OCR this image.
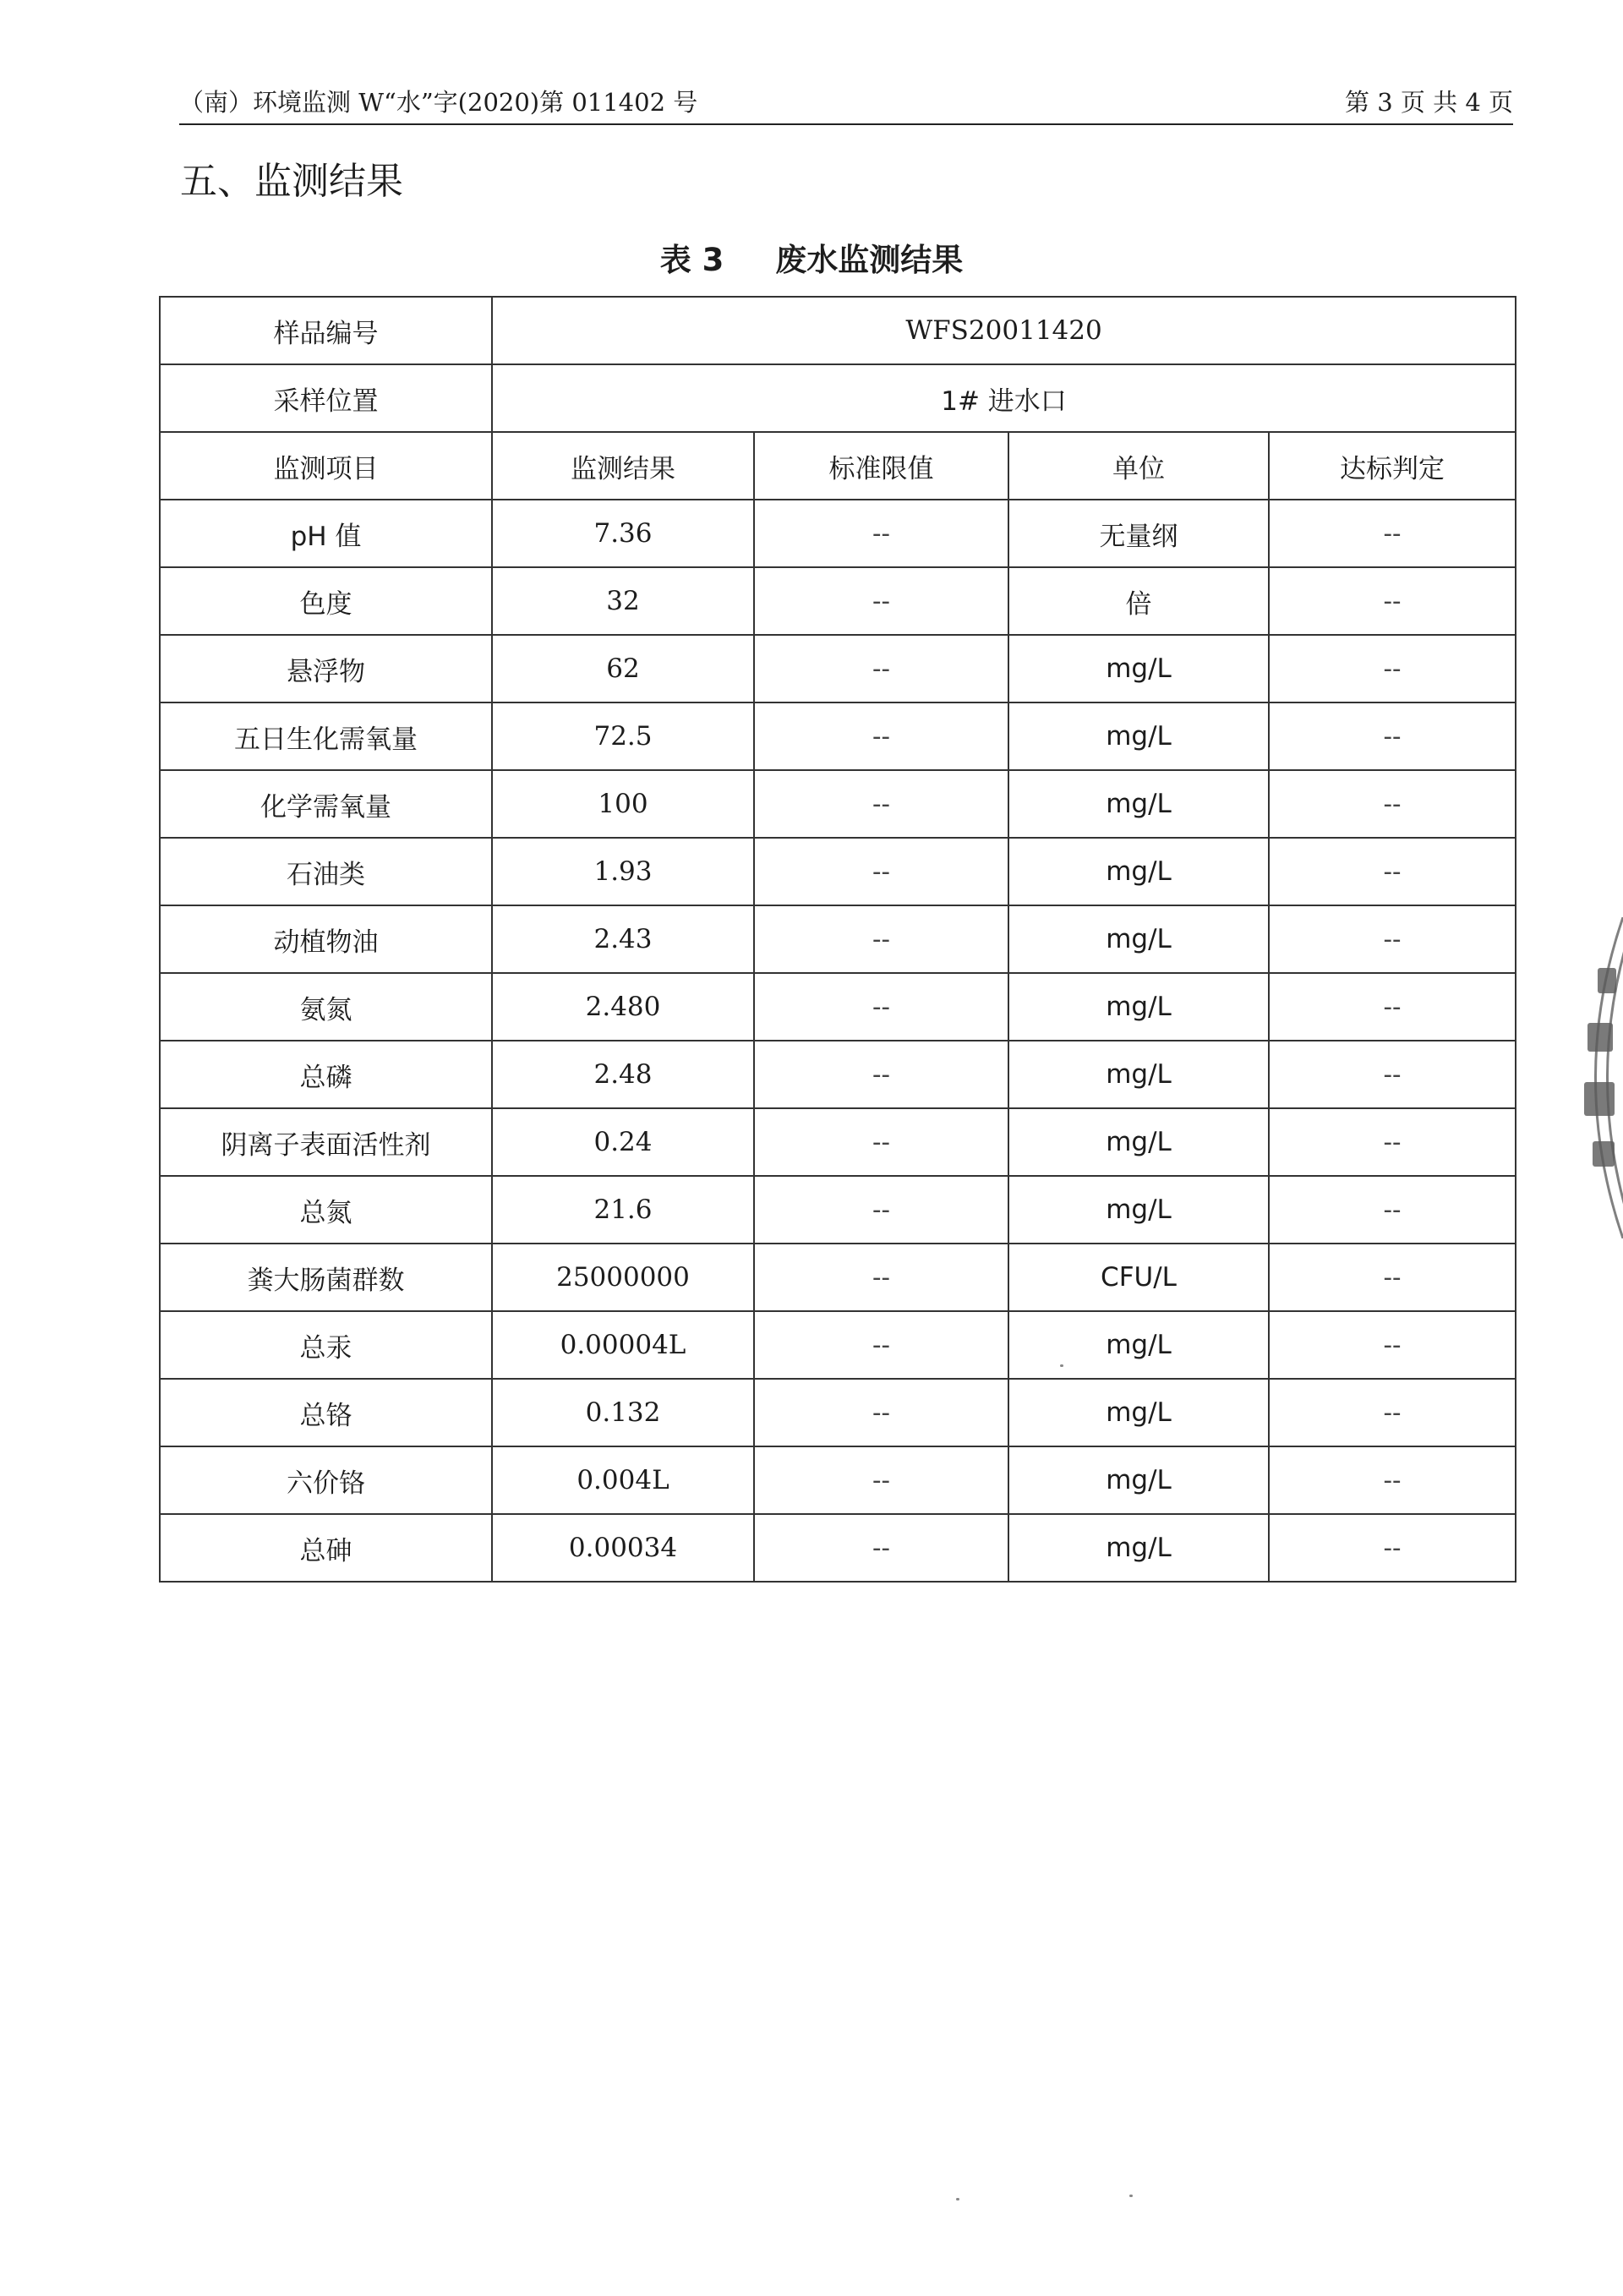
（南）环境监测 W“水”字(2020)第 011402 号	第 3 页 共 4 页
五、监测结果
表 3 废水监测结果
样品编号	WFS20011420			
采样位置	1# 进水口			
监测项目	监测结果	标准限值	单位	达标判定
pH 值	7.36	--	无量纲	--
色度	32	--	倍	--
悬浮物	62	--	mg/L	--
五日生化需氧量	72.5	--	mg/L	--
化学需氧量	100	--	mg/L	--
石油类	1.93	--	mg/L	--
动植物油	2.43	--	mg/L	--
氨氮	2.480	--	mg/L	--
总磷	2.48	--	mg/L	--
阴离子表面活性剂	0.24	--	mg/L	--
总氮	21.6	--	mg/L	--
粪大肠菌群数	25000000	--	CFU/L	--
总汞	0.00004L	--	mg/L	--
总铬	0.132	--	mg/L	--
六价铬	0.004L	--	mg/L	--
总砷	0.00034	--	mg/L	--
